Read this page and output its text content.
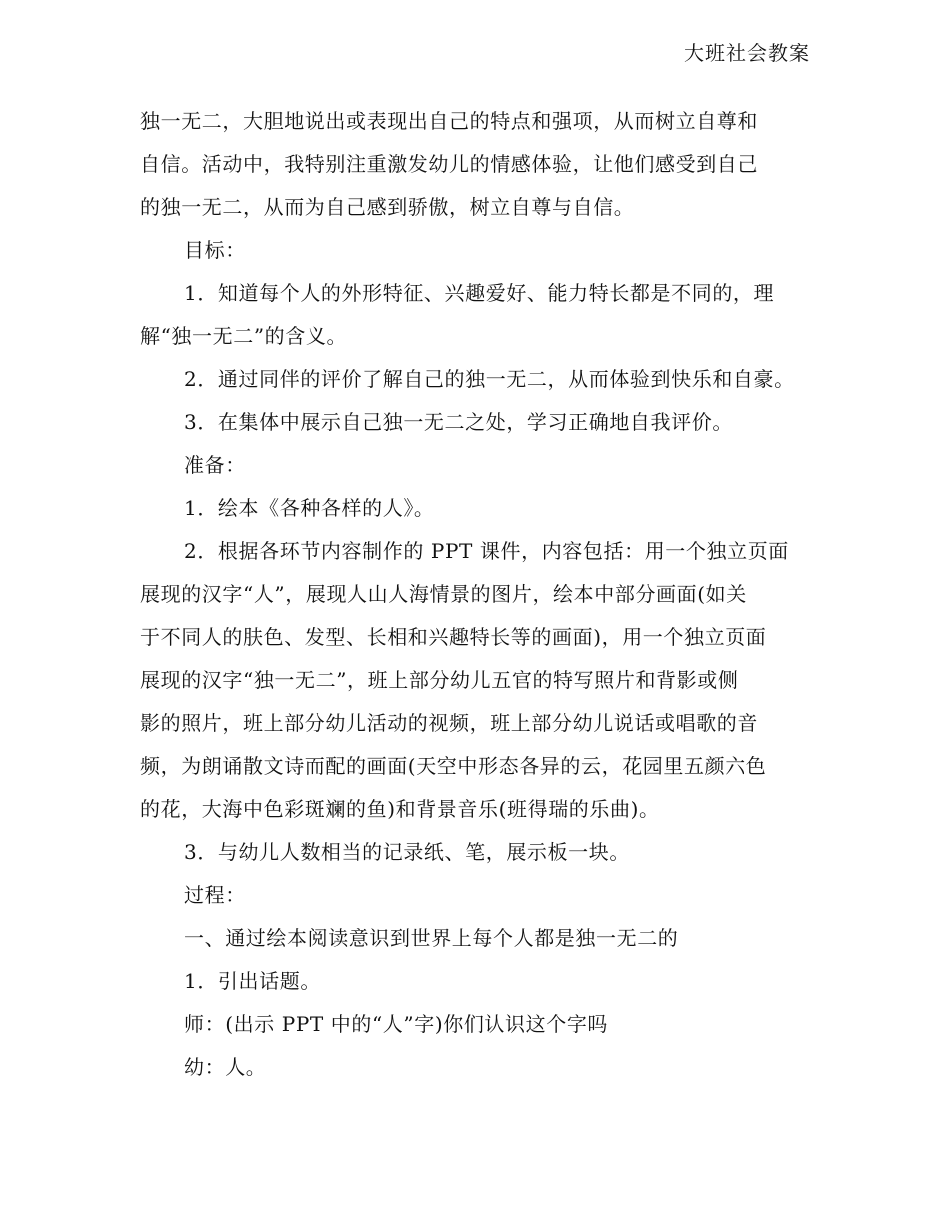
大班社会教案
独一无二，大胆地说出或表现出自己的特点和强项，从而树立自尊和
自信。活动中，我特别注重激发幼儿的情感体验，让他们感受到自己
的独一无二，从而为自己感到骄傲，树立自尊与自信。
目标：
1．知道每个人的外形特征、兴趣爱好、能力特长都是不同的，理
解“独一无二”的含义。
2．通过同伴的评价了解自己的独一无二，从而体验到快乐和自豪。
3．在集体中展示自己独一无二之处，学习正确地自我评价。
准备：
1．绘本《各种各样的人》。
2．根据各环节内容制作的 PPT 课件，内容包括：用一个独立页面
展现的汉字“人”，展现人山人海情景的图片，绘本中部分画面(如关
于不同人的肤色、发型、长相和兴趣特长等的画面)，用一个独立页面
展现的汉字“独一无二”，班上部分幼儿五官的特写照片和背影或侧
影的照片，班上部分幼儿活动的视频，班上部分幼儿说话或唱歌的音
频，为朗诵散文诗而配的画面(天空中形态各异的云，花园里五颜六色
的花，大海中色彩斑斓的鱼)和背景音乐(班得瑞的乐曲)。
3．与幼儿人数相当的记录纸、笔，展示板一块。
过程：
一、通过绘本阅读意识到世界上每个人都是独一无二的
1．引出话题。
师：(出示 PPT 中的“人”字)你们认识这个字吗
幼：人。
